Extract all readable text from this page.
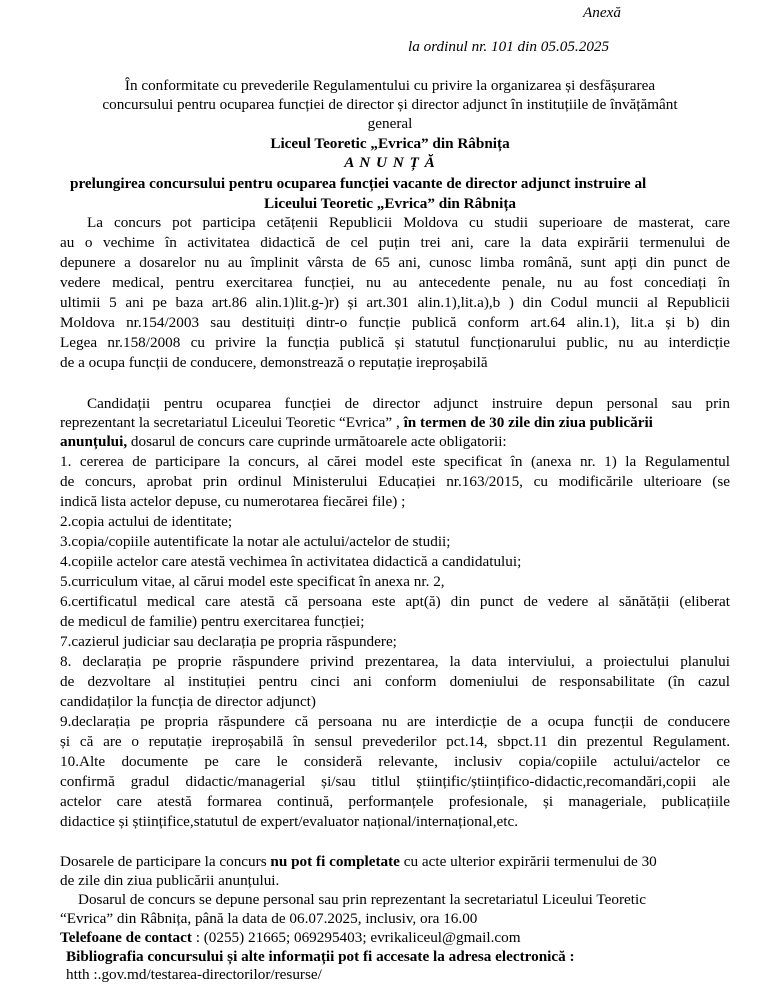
Anexă
la ordinul nr. 101 din 05.05.2025
În conformitate cu prevederile Regulamentului cu privire la organizarea și desfășurarea
concursului pentru ocuparea funcției de director și director adjunct în instituțiile de învățământ
general
Liceul Teoretic „Evrica” din Râbnița
A N U N Ț Ă
prelungirea concursului pentru ocuparea funcției vacante de director adjunct instruire al
Liceului Teoretic „Evrica” din Râbnița
La concurs pot participa cetățenii Republicii Moldova cu studii superioare de masterat, care
au o vechime în activitatea didactică de cel puțin trei ani, care la data expirării termenului de
depunere a dosarelor nu au împlinit vârsta de 65 ani, cunosc limba română, sunt apți din punct de
vedere medical, pentru exercitarea funcției, nu au antecedente penale, nu au fost concediați în
ultimii 5 ani pe baza art.86 alin.1)lit.g-)r) și art.301 alin.1),lit.a),b ) din Codul muncii al Republicii
Moldova nr.154/2003 sau destituiți dintr-o funcție publică conform art.64 alin.1), lit.a și b) din
Legea nr.158/2008 cu privire la funcția publică și statutul funcționarului public, nu au interdicție
de a ocupa funcții de conducere, demonstrează o reputație ireproșabilă
Candidații pentru ocuparea funcției de director adjunct instruire depun personal sau prin
reprezentant la secretariatul Liceului Teoretic “Evrica” , în termen de 30 zile din ziua publicării
anunțului, dosarul de concurs care cuprinde următoarele acte obligatorii:
1. cererea de participare la concurs, al cărei model este specificat în (anexa nr. 1) la Regulamentul
de concurs, aprobat prin ordinul Ministerului Educației nr.163/2015, cu modificările ulterioare (se
indică lista actelor depuse, cu numerotarea fiecărei file) ;
2.copia actului de identitate;
3.copia/copiile autentificate la notar ale actului/actelor de studii;
4.copiile actelor care atestă vechimea în activitatea didactică a candidatului;
5.curriculum vitae, al cărui model este specificat în anexa nr. 2,
6.certificatul medical care atestă că persoana este apt(ă) din punct de vedere al sănătății (eliberat
de medicul de familie) pentru exercitarea funcției;
7.cazierul judiciar sau declarația pe propria răspundere;
8. declarația pe proprie răspundere privind prezentarea, la data interviului, a proiectului planului
de dezvoltare al instituției pentru cinci ani conform domeniului de responsabilitate (în cazul
candidaților la funcția de director adjunct)
9.declarația pe propria răspundere că persoana nu are interdicție de a ocupa funcții de conducere
și că are o reputație ireproșabilă în sensul prevederilor pct.14, sbpct.11 din prezentul Regulament.
10.Alte documente pe care le consideră relevante, inclusiv copia/copiile actului/actelor ce
confirmă gradul didactic/managerial și/sau titlul științific/științifico-didactic,recomandări,copii ale
actelor care atestă formarea continuă, performanțele profesionale, și manageriale, publicațiile
didactice și științifice,statutul de expert/evaluator național/internațional,etc.
Dosarele de participare la concurs nu pot fi completate cu acte ulterior expirării termenului de 30
de zile din ziua publicării anunțului.
Dosarul de concurs se depune personal sau prin reprezentant la secretariatul Liceului Teoretic
“Evrica” din Râbnița, până la data de 06.07.2025, inclusiv, ora 16.00
Telefoane de contact : (0255) 21665; 069295403; evrikaliceul@gmail.com
Bibliografia concursului și alte informații pot fi accesate la adresa electronică :
htth :.gov.md/testarea-directorilor/resurse/
